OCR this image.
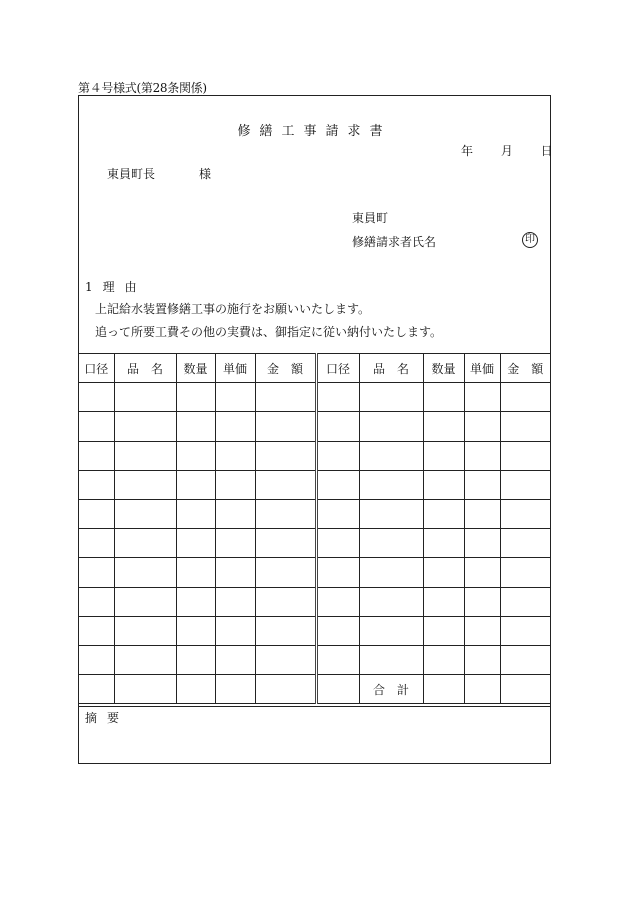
第４号様式(第28条関係)
修繕工事請求書
年 月 日
東員町長	様
東員町
修繕請求者氏名	印
1 理由
上記給水装置修繕工事の施行をお願いいたします。
追って所要工費その他の実費は、御指定に従い納付いたします。
口径	品　名	数量	単価	金　額	口径	品　名	数量	単価	金　額

						合　計			
摘要
